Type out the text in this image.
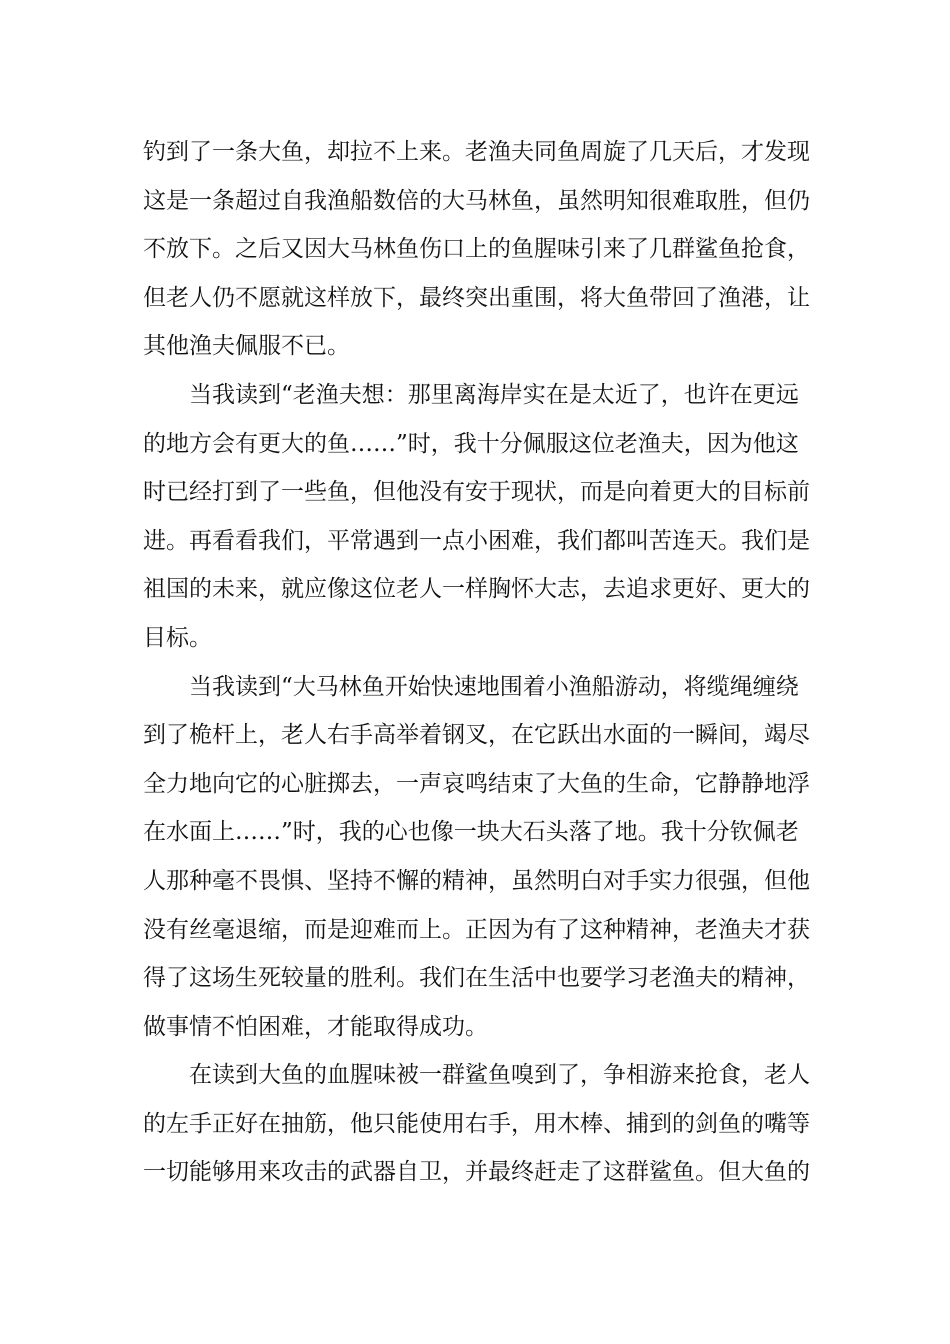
钓到了一条大鱼，却拉不上来。老渔夫同鱼周旋了几天后，才发现
这是一条超过自我渔船数倍的大马林鱼，虽然明知很难取胜，但仍
不放下。之后又因大马林鱼伤口上的鱼腥味引来了几群鲨鱼抢食，
但老人仍不愿就这样放下，最终突出重围，将大鱼带回了渔港，让
其他渔夫佩服不已。
　　当我读到“老渔夫想：那里离海岸实在是太近了，也许在更远
的地方会有更大的鱼……”时，我十分佩服这位老渔夫，因为他这
时已经打到了一些鱼，但他没有安于现状，而是向着更大的目标前
进。再看看我们，平常遇到一点小困难，我们都叫苦连天。我们是
祖国的未来，就应像这位老人一样胸怀大志，去追求更好、更大的
目标。
　　当我读到“大马林鱼开始快速地围着小渔船游动，将缆绳缠绕
到了桅杆上，老人右手高举着钢叉，在它跃出水面的一瞬间，竭尽
全力地向它的心脏掷去，一声哀鸣结束了大鱼的生命，它静静地浮
在水面上……”时，我的心也像一块大石头落了地。我十分钦佩老
人那种毫不畏惧、坚持不懈的精神，虽然明白对手实力很强，但他
没有丝毫退缩，而是迎难而上。正因为有了这种精神，老渔夫才获
得了这场生死较量的胜利。我们在生活中也要学习老渔夫的精神，
做事情不怕困难，才能取得成功。
　　在读到大鱼的血腥味被一群鲨鱼嗅到了，争相游来抢食，老人
的左手正好在抽筋，他只能使用右手，用木棒、捕到的剑鱼的嘴等
一切能够用来攻击的武器自卫，并最终赶走了这群鲨鱼。但大鱼的
